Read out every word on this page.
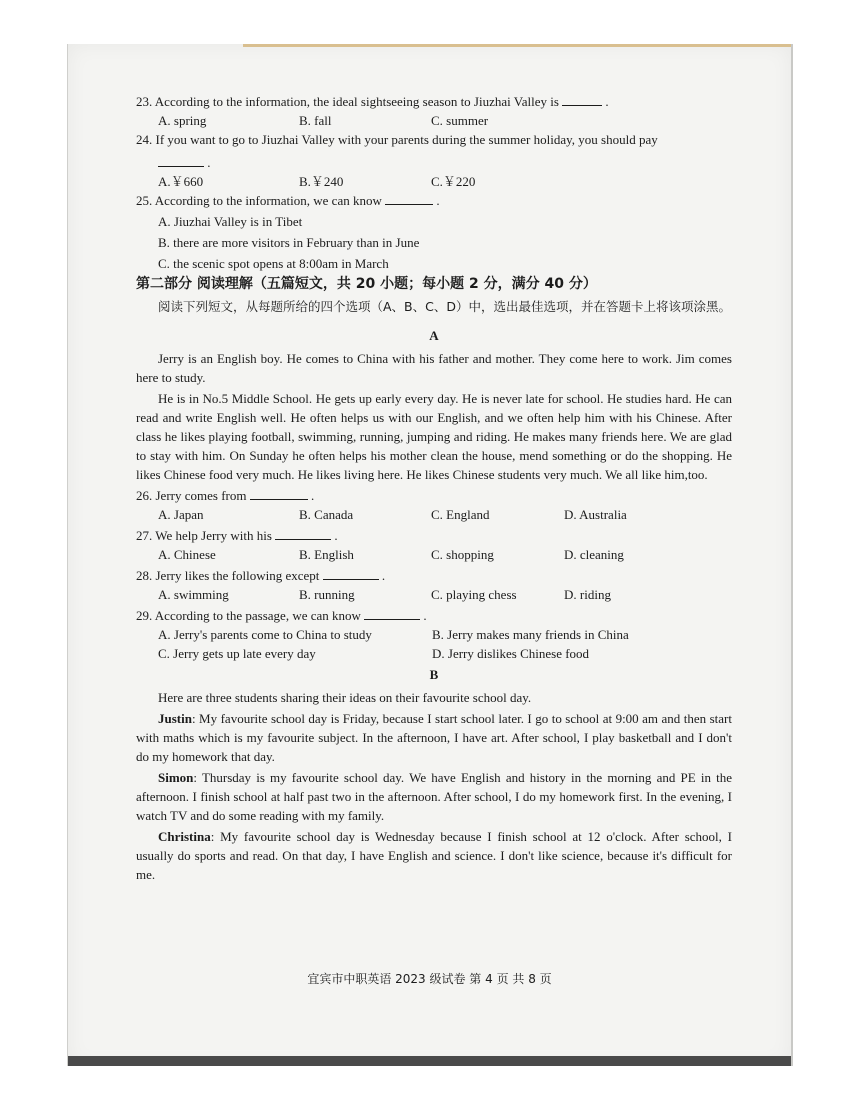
23. According to the information, the ideal sightseeing season to Jiuzhai Valley is	.

A. spring	B. fall	C. summer

24. If you want to go to Jiuzhai Valley with your parents during the summer holiday, you should pay

.

A.￥660	B.￥240	C.￥220

25. According to the information, we can know	.

A. Jiuzhai Valley is in Tibet

B. there are more visitors in February than in June

C. the scenic spot opens at 8:00am in March

第二部分 阅读理解（五篇短文，共 20 小题；每小题 2 分，满分 40 分）

阅读下列短文，从每题所给的四个选项（A、B、C、D）中，选出最佳选项，并在答题卡上将该项涂黑。

A

Jerry is an English boy. He comes to China with his father and mother. They come here to work. Jim comes here to study.

He is in No.5 Middle School. He gets up early every day. He is never late for school. He studies hard. He can read and write English well. He often helps us with our English, and we often help him with his Chinese. After class he likes playing football, swimming, running, jumping and riding. He makes many friends here. We are glad to stay with him. On Sunday he often helps his mother clean the house, mend something or do the shopping. He likes Chinese food very much. He likes living here. He likes Chinese students very much. We all like him,too.

26. Jerry comes from	.

A. Japan	B. Canada	C. England	D. Australia

27. We help Jerry with his	.

A. Chinese	B. English	C. shopping	D. cleaning

28. Jerry likes the following except	.

A. swimming	B. running	C. playing chess	D. riding

29. According to the passage, we can know	.

A. Jerry's parents come to China to study	B. Jerry makes many friends in China
C. Jerry gets up late every day	D. Jerry dislikes Chinese food

B

Here are three students sharing their ideas on their favourite school day.

Justin: My favourite school day is Friday, because I start school later. I go to school at 9:00 am and then start with maths which is my favourite subject. In the afternoon, I have art. After school, I play basketball and I don't do my homework that day.

Simon: Thursday is my favourite school day. We have English and history in the morning and PE in the afternoon. I finish school at half past two in the afternoon. After school, I do my homework first. In the evening, I watch TV and do some reading with my family.

Christina: My favourite school day is Wednesday because I finish school at 12 o'clock. After school, I usually do sports and read. On that day, I have English and science. I don't like science, because it's difficult for me.

宜宾市中职英语 2023 级试卷 第 4 页 共 8 页
